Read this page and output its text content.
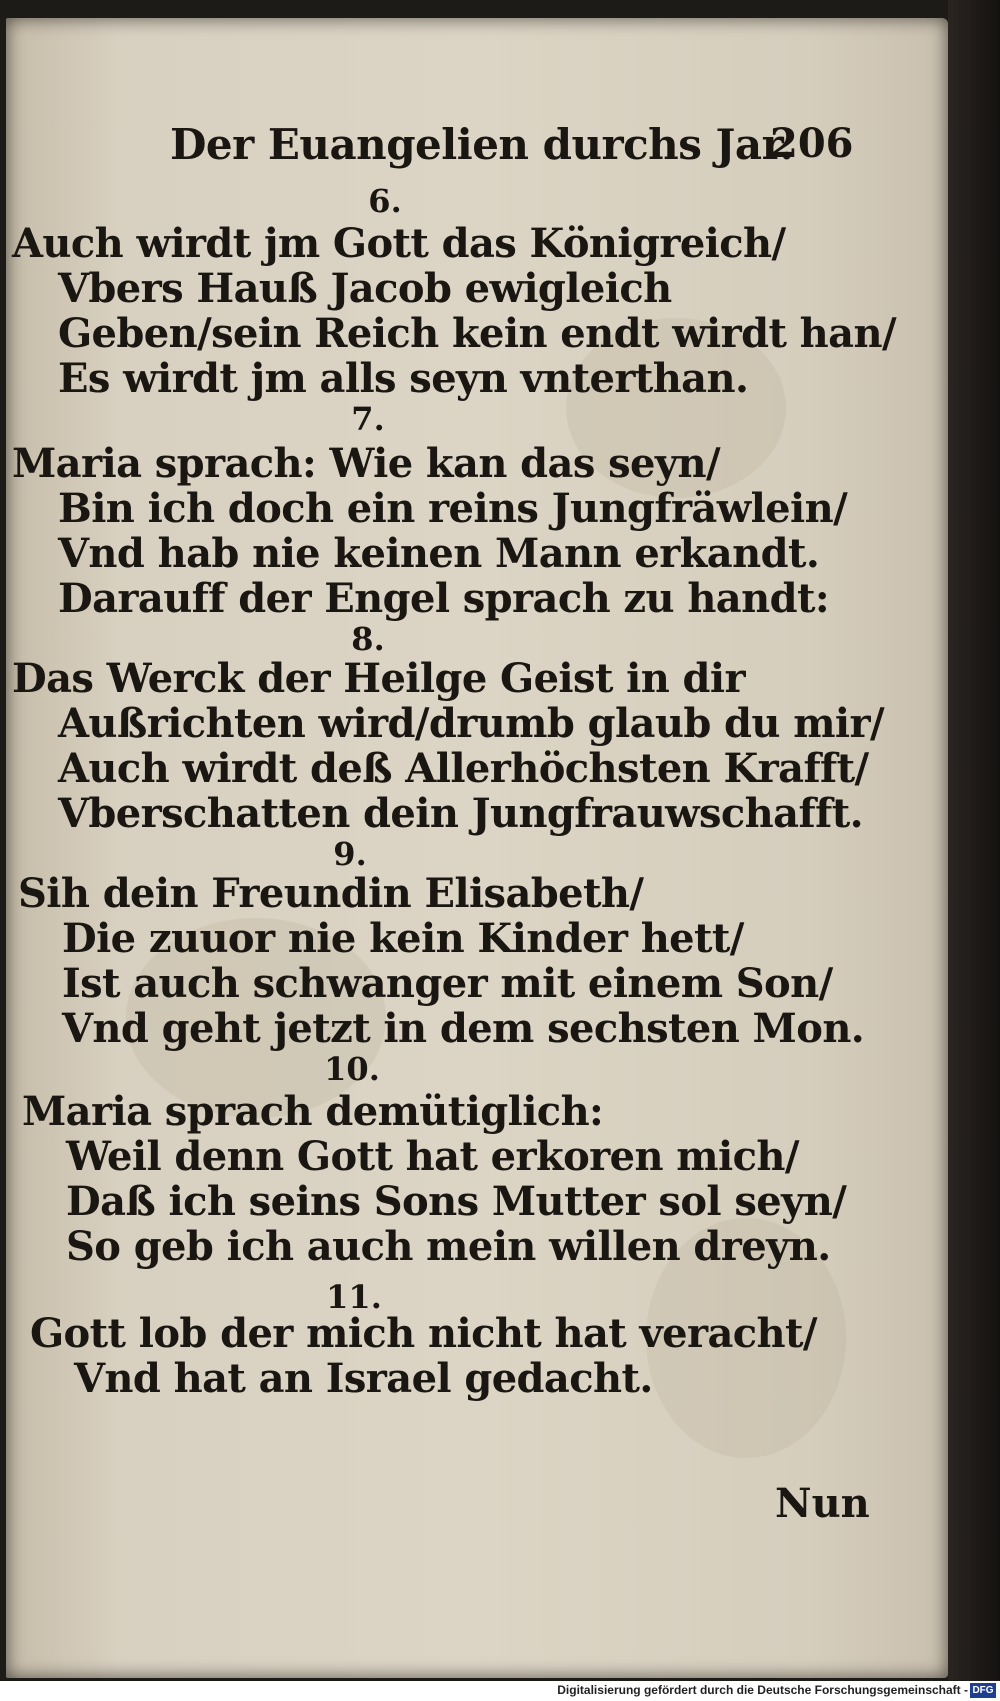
Der Euangelien durchs Jar.
206
6.
Auch wirdt jm Gott das Königreich/
Vbers Hauß Jacob ewigleich
Geben/sein Reich kein endt wirdt han/
Es wirdt jm alls seyn vnterthan.
7.
Maria sprach: Wie kan das seyn/
Bin ich doch ein reins Jungfräwlein/
Vnd hab nie keinen Mann erkandt.
Darauff der Engel sprach zu handt:
8.
Das Werck der Heilge Geist in dir
Außrichten wird/drumb glaub du mir/
Auch wirdt deß Allerhöchsten Krafft/
Vberschatten dein Jungfrauwschafft.
9.
Sih dein Freundin Elisabeth/
Die zuuor nie kein Kinder hett/
Ist auch schwanger mit einem Son/
Vnd geht jetzt in dem sechsten Mon.
10.
Maria sprach demütiglich:
Weil denn Gott hat erkoren mich/
Daß ich seins Sons Mutter sol seyn/
So geb ich auch mein willen dreyn.
11.
Gott lob der mich nicht hat veracht/
Vnd hat an Israel gedacht.
Nun
Digitalisierung gefördert durch die Deutsche Forschungsgemeinschaft - DFG
